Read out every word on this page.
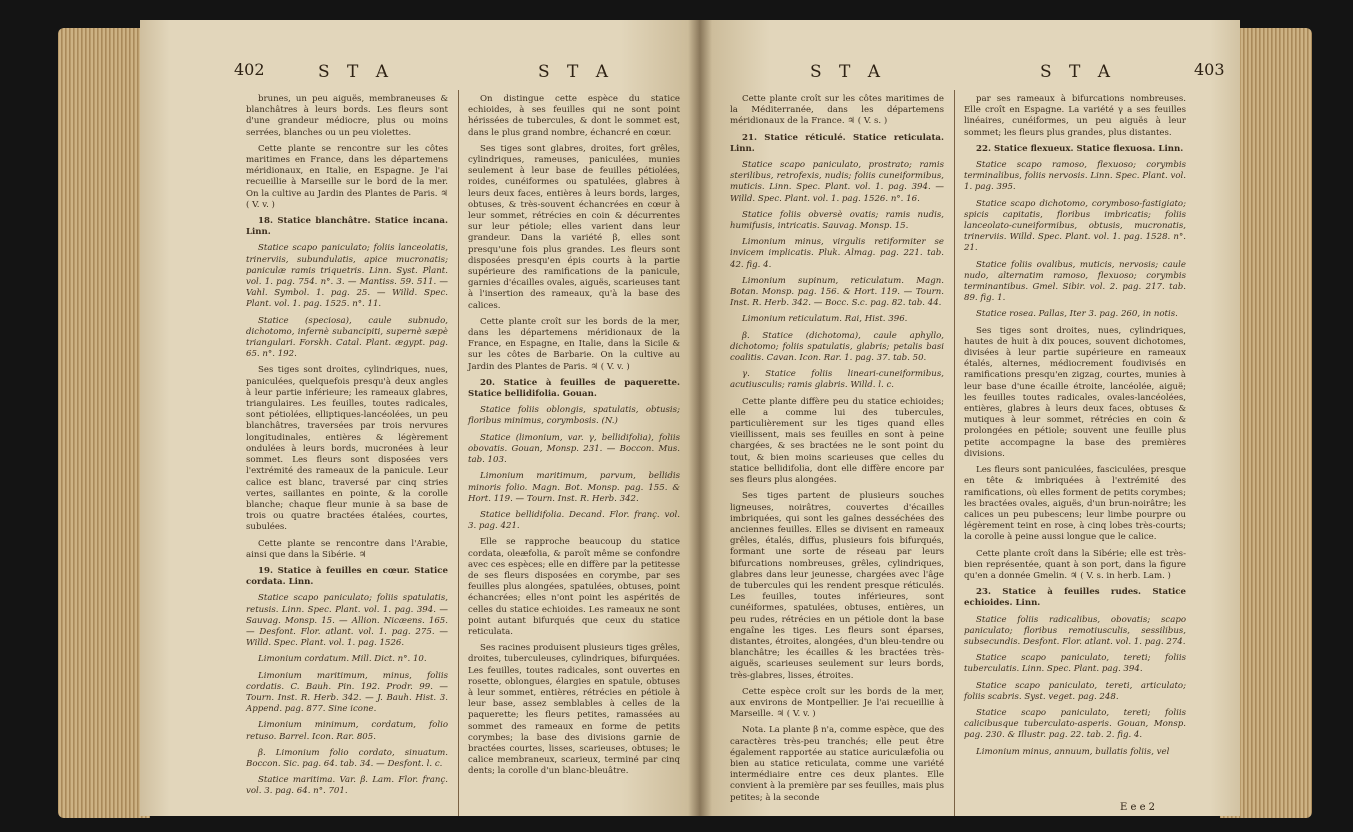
402	S T A	S T A

brunes, un peu aiguës, membraneuses & blanchâtres à leurs bords. Les fleurs sont d'une grandeur médiocre, plus ou moins serrées, blanches ou un peu violettes.

Cette plante se rencontre sur les côtes maritimes en France, dans les départemens méridionaux, en Italie, en Espagne. Je l'ai recueillie à Marseille sur le bord de la mer. On la cultive au Jardin des Plantes de Paris. ♃ ( V. v. )

18. Statice blanchâtre. Statice incana. Linn.

Statice scapo paniculato; foliis lanceolatis, trinerviis, subundulatis, apice mucronatis; paniculæ ramis triquetris. Linn. Syst. Plant. vol. 1. pag. 754. n°. 3. — Mantiss. 59. 511. — Vahl. Symbol. 1. pag. 25. — Willd. Spec. Plant. vol. 1. pag. 1525. n°. 11.

Statice (speciosa), caule subnudo, dichotomo, infernè subancipiti, supernè sæpè triangulari. Forskh. Catal. Plant. ægypt. pag. 65. n°. 192.

Ses tiges sont droites, cylindriques, nues, paniculées, quelquefois presqu'à deux angles à leur partie inférieure; les rameaux glabres, triangulaires. Les feuilles, toutes radicales, sont pétiolées, elliptiques-lancéolées, un peu blanchâtres, traversées par trois nervures longitudinales, entières & légèrement ondulées à leurs bords, mucronées à leur sommet. Les fleurs sont disposées vers l'extrémité des rameaux de la panicule. Leur calice est blanc, traversé par cinq stries vertes, saillantes en pointe, & la corolle blanche; chaque fleur munie à sa base de trois ou quatre bractées étalées, courtes, subulées.

Cette plante se rencontre dans l'Arabie, ainsi que dans la Sibérie. ♃

19. Statice à feuilles en cœur. Statice cordata. Linn.

Statice scapo paniculato; foliis spatulatis, retusis. Linn. Spec. Plant. vol. 1. pag. 394. — Sauvag. Monsp. 15. — Allion. Nicæens. 165. — Desfont. Flor. atlant. vol. 1. pag. 275. — Willd. Spec. Plant. vol. 1. pag. 1526.

Limonium cordatum. Mill. Dict. n°. 10.

Limonium maritimum, minus, foliis cordatis. C. Bauh. Pin. 192. Prodr. 99. — Tourn. Inst. R. Herb. 342. — J. Bauh. Hist. 3. Append. pag. 877. Sine icone.

Limonium minimum, cordatum, folio retuso. Barrel. Icon. Rar. 805.

β. Limonium folio cordato, sinuatum. Boccon. Sic. pag. 64. tab. 34. — Desfont. l. c.

Statice maritima. Var. β. Lam. Flor. franç. vol. 3. pag. 64. n°. 701.

On distingue cette espèce du statice echioides, à ses feuilles qui ne sont point hérissées de tubercules, & dont le sommet est, dans le plus grand nombre, échancré en cœur.

Ses tiges sont glabres, droites, fort grêles, cylindriques, rameuses, paniculées, munies seulement à leur base de feuilles pétiolées, roides, cunéiformes ou spatulées, glabres à leurs deux faces, entières à leurs bords, larges, obtuses, & très-souvent échancrées en cœur à leur sommet, rétrécies en coin & décurrentes sur leur pétiole; elles varient dans leur grandeur. Dans la variété β, elles sont presqu'une fois plus grandes. Les fleurs sont disposées presqu'en épis courts à la partie supérieure des ramifications de la panicule, garnies d'écailles ovales, aiguës, scarieuses tant à l'insertion des rameaux, qu'à la base des calices.

Cette plante croît sur les bords de la mer, dans les départemens méridionaux de la France, en Espagne, en Italie, dans la Sicile & sur les côtes de Barbarie. On la cultive au Jardin des Plantes de Paris. ♃ ( V. v. )

20. Statice à feuilles de paquerette. Statice bellidifolia. Gouan.

Statice foliis oblongis, spatulatis, obtusis; floribus minimus, corymbosis. (N.)

Statice (limonium, var. γ, bellidifolia), foliis obovatis. Gouan, Monsp. 231. — Boccon. Mus. tab. 103.

Limonium maritimum, parvum, bellidis minoris folio. Magn. Bot. Monsp. pag. 155. & Hort. 119. — Tourn. Inst. R. Herb. 342.

Statice bellidifolia. Decand. Flor. franç. vol. 3. pag. 421.

Elle se rapproche beaucoup du statice cordata, oleæfolia, & paroît même se confondre avec ces espèces; elle en diffère par la petitesse de ses fleurs disposées en corymbe, par ses feuilles plus alongées, spatulées, obtuses, point échancrées; elles n'ont point les aspérités de celles du statice echioides. Les rameaux ne sont point autant bifurqués que ceux du statice reticulata.

Ses racines produisent plusieurs tiges grêles, droites, tuberculeuses, cylindriques, bifurquées. Les feuilles, toutes radicales, sont ouvertes en rosette, oblongues, élargies en spatule, obtuses à leur sommet, entières, rétrécies en pétiole à leur base, assez semblables à celles de la paquerette; les fleurs petites, ramassées au sommet des rameaux en forme de petits corymbes; la base des divisions garnie de bractées courtes, lisses, scarieuses, obtuses; le calice membraneux, scarieux, terminé par cinq dents; la corolle d'un blanc-bleuâtre.

S T A	S T A	403

Cette plante croît sur les côtes maritimes de la Méditerranée, dans les départemens méridionaux de la France. ♃ ( V. s. )

21. Statice réticulé. Statice reticulata. Linn.

Statice scapo paniculato, prostrato; ramis sterilibus, retrofexis, nudis; foliis cuneiformibus, muticis. Linn. Spec. Plant. vol. 1. pag. 394. — Willd. Spec. Plant. vol. 1. pag. 1526. n°. 16.

Statice foliis obversè ovatis; ramis nudis, humifusis, intricatis. Sauvag. Monsp. 15.

Limonium minus, virgulis retiformiter se invicem implicatis. Pluk. Almag. pag. 221. tab. 42. fig. 4.

Limonium supinum, reticulatum. Magn. Botan. Monsp. pag. 156. & Hort. 119. — Tourn. Inst. R. Herb. 342. — Bocc. S.c. pag. 82. tab. 44.

Limonium reticulatum. Rai, Hist. 396.

β. Statice (dichotoma), caule aphyllo, dichotomo; foliis spatulatis, glabris; petalis basi coalitis. Cavan. Icon. Rar. 1. pag. 37. tab. 50.

γ. Statice foliis lineari-cuneiformibus, acutiusculis; ramis glabris. Willd. l. c.

Cette plante diffère peu du statice echioides; elle a comme lui des tubercules, particulièrement sur les tiges quand elles vieillissent, mais ses feuilles en sont à peine chargées, & ses bractées ne le sont point du tout, & bien moins scarieuses que celles du statice bellidifolia, dont elle diffère encore par ses fleurs plus alongées.

Ses tiges partent de plusieurs souches ligneuses, noirâtres, couvertes d'écailles imbriquées, qui sont les gaînes desséchées des anciennes feuilles. Elles se divisent en rameaux grêles, étalés, diffus, plusieurs fois bifurqués, formant une sorte de réseau par leurs bifurcations nombreuses, grêles, cylindriques, glabres dans leur jeunesse, chargées avec l'âge de tubercules qui les rendent presque réticulés. Les feuilles, toutes inférieures, sont cunéiformes, spatulées, obtuses, entières, un peu rudes, rétrécies en un pétiole dont la base engaîne les tiges. Les fleurs sont éparses, distantes, étroites, alongées, d'un bleu-tendre ou blanchâtre; les écailles & les bractées très-aiguës, scarieuses seulement sur leurs bords, très-glabres, lisses, étroites.

Cette espèce croît sur les bords de la mer, aux environs de Montpellier. Je l'ai recueillie à Marseille. ♃ ( V. v. )

Nota. La plante β n'a, comme espèce, que des caractères très-peu tranchés; elle peut être également rapportée au statice auriculæfolia ou bien au statice reticulata, comme une variété intermédiaire entre ces deux plantes. Elle convient à la première par ses feuilles, mais plus petites; à la seconde

par ses rameaux à bifurcations nombreuses. Elle croît en Espagne. La variété γ a ses feuilles linéaires, cunéiformes, un peu aiguës à leur sommet; les fleurs plus grandes, plus distantes.

22. Statice flexueux. Statice flexuosa. Linn.

Statice scapo ramoso, flexuoso; corymbis terminalibus, foliis nervosis. Linn. Spec. Plant. vol. 1. pag. 395.

Statice scapo dichotomo, corymboso-fastigiato; spicis capitatis, floribus imbricatis; foliis lanceolato-cuneiformibus, obtusis, mucronatis, trinerviis. Willd. Spec. Plant. vol. 1. pag. 1528. n°. 21.

Statice foliis ovalibus, muticis, nervosis; caule nudo, alternatim ramoso, flexuoso; corymbis terminantibus. Gmel. Sibir. vol. 2. pag. 217. tab. 89. fig. 1.

Statice rosea. Pallas, Iter 3. pag. 260, in notis.

Ses tiges sont droites, nues, cylindriques, hautes de huit à dix pouces, souvent dichotomes, divisées à leur partie supérieure en rameaux étalés, alternes, médiocrement foudivisés en ramifications presqu'en zigzag, courtes, munies à leur base d'une écaille étroite, lancéolée, aiguë; les feuilles toutes radicales, ovales-lancéolées, entières, glabres à leurs deux faces, obtuses & mutiques à leur sommet, rétrécies en coin & prolongées en pétiole; souvent une feuille plus petite accompagne la base des premières divisions.

Les fleurs sont paniculées, fasciculées, presque en tête & imbriquées à l'extrémité des ramifications, où elles forment de petits corymbes; les bractées ovales, aiguës, d'un brun-noirâtre; les calices un peu pubescens; leur limbe pourpre ou légèrement teint en rose, à cinq lobes très-courts; la corolle à peine aussi longue que le calice.

Cette plante croît dans la Sibérie; elle est très-bien représentée, quant à son port, dans la figure qu'en a donnée Gmelin. ♃ ( V. s. in herb. Lam. )

23. Statice à feuilles rudes. Statice echioides. Linn.

Statice foliis radicalibus, obovatis; scapo paniculato; floribus remotiusculis, sessilibus, subsecundis. Desfont. Flor. atlant. vol. 1. pag. 274.

Statice scapo paniculato, tereti; foliis tuberculatis. Linn. Spec. Plant. pag. 394.

Statice scapo paniculato, tereti, articulato; foliis scabris. Syst. veget. pag. 248.

Statice scapo paniculato, tereti; foliis calicibusque tuberculato-asperis. Gouan, Monsp. pag. 230. & Illustr. pag. 22. tab. 2. fig. 4.

Limonium minus, annuum, bullatis foliis, vel

E e e 2
